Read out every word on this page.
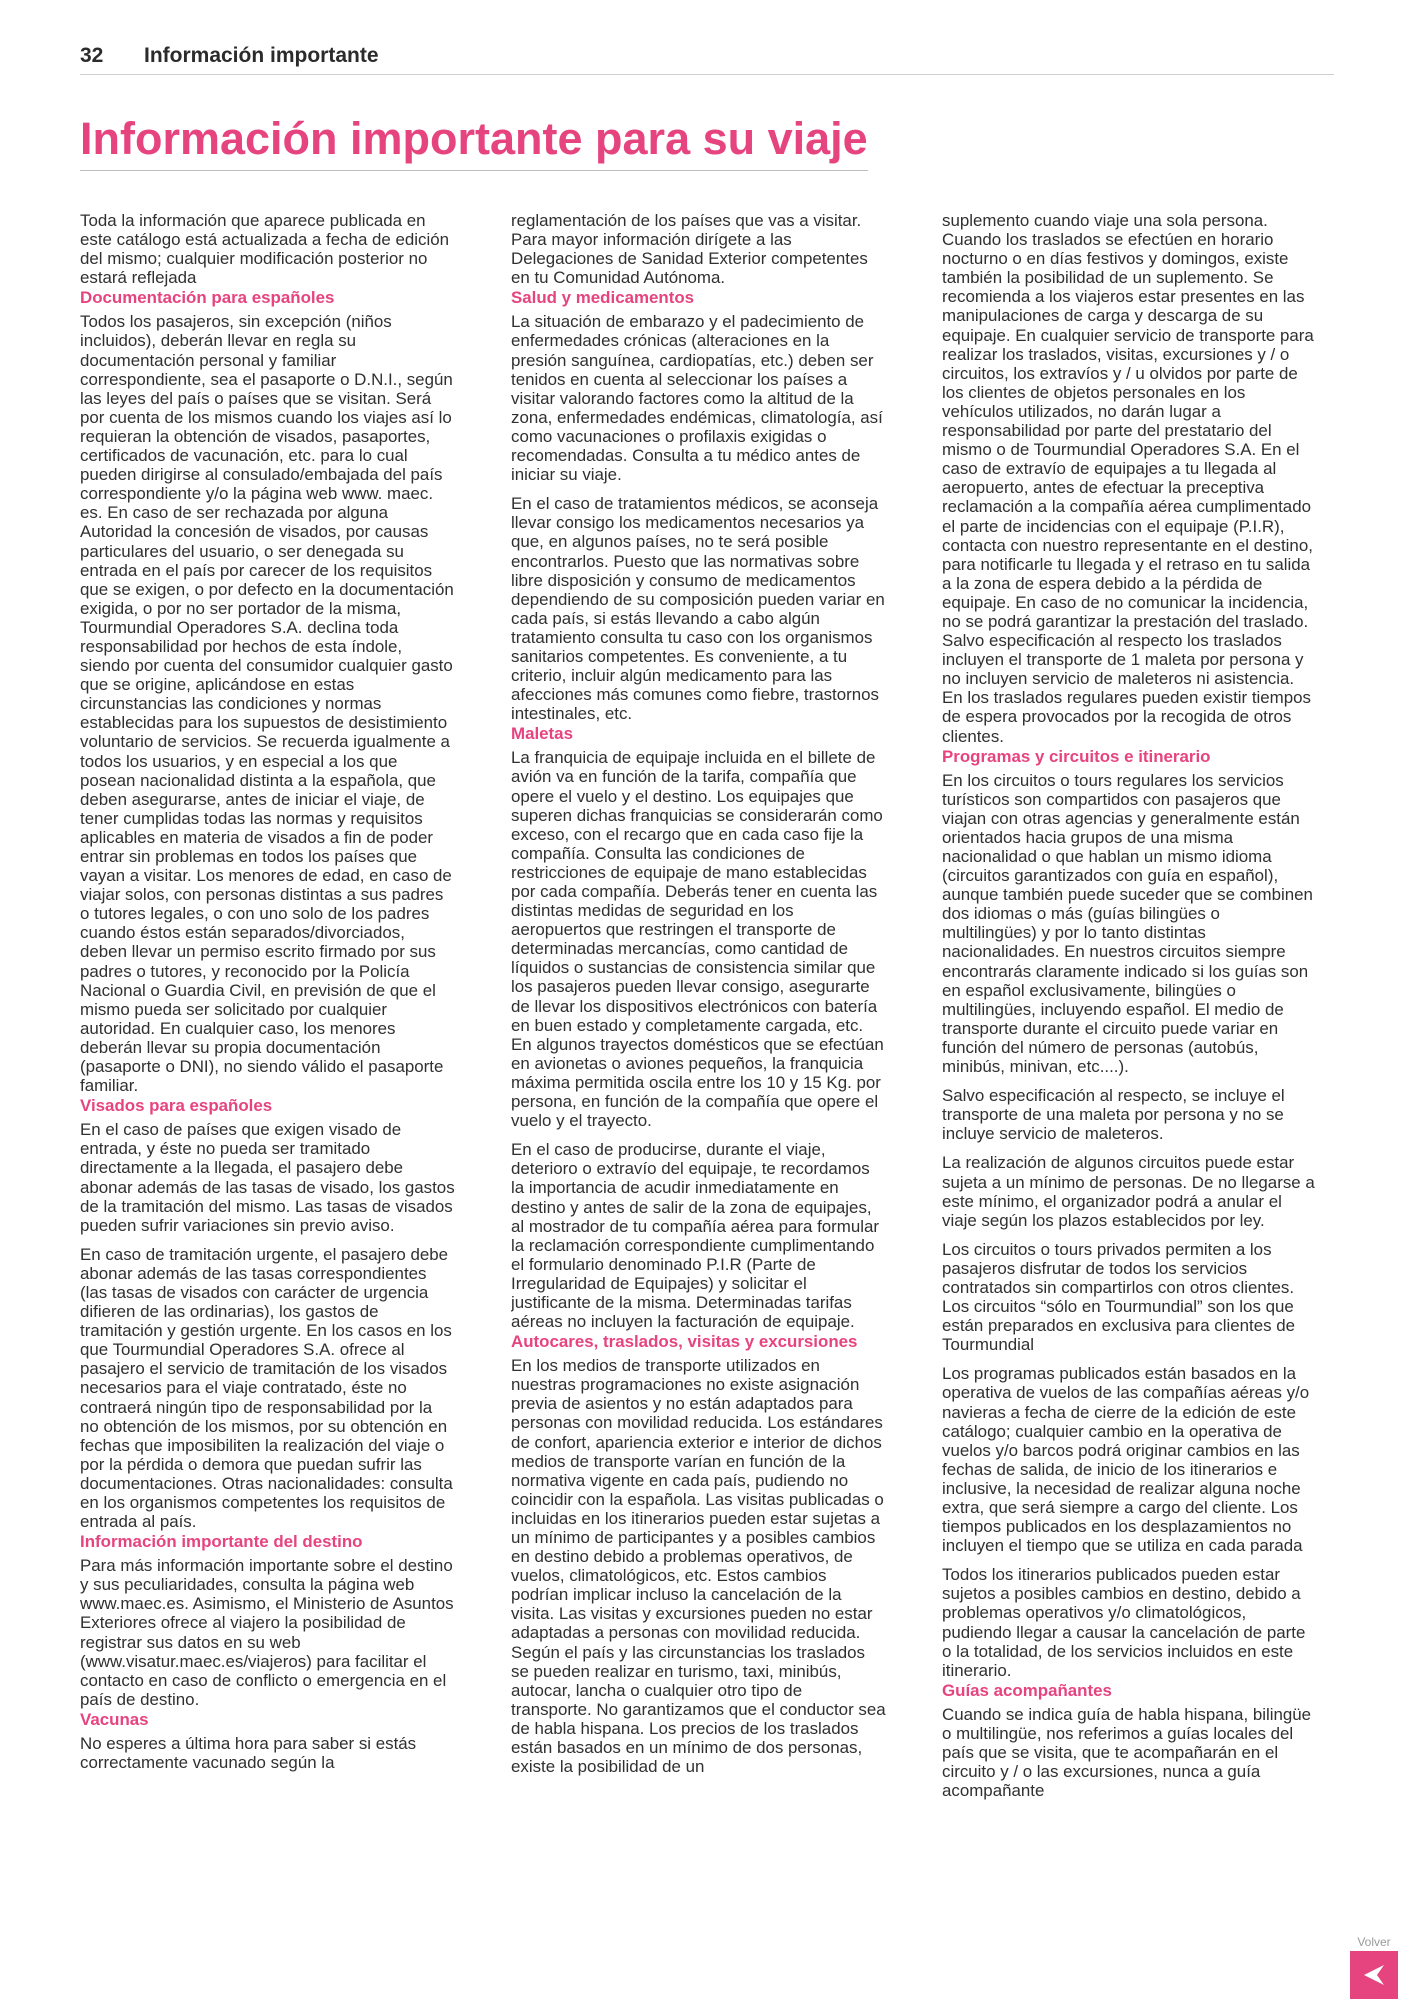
32 Información importante
Información importante para su viaje

Toda la información que aparece publicada en este catálogo está actualizada a fecha de edición del mismo; cualquier modificación posterior no estará reflejada

Documentación para españoles

Todos los pasajeros, sin excepción (niños incluidos), deberán llevar en regla su documentación personal y familiar correspondiente, sea el pasaporte o D.N.I., según las leyes del país o países que se visitan. Será por cuenta de los mismos cuando los viajes así lo requieran la obtención de visados, pasaportes, certificados de vacunación, etc. para lo cual pueden dirigirse al consulado/embajada del país correspondiente y/o la página web www. maec. es. En caso de ser rechazada por alguna Autoridad la concesión de visados, por causas particulares del usuario, o ser denegada su entrada en el país por carecer de los requisitos que se exigen, o por defecto en la documentación exigida, o por no ser portador de la misma, Tourmundial Operadores S.A. declina toda responsabilidad por hechos de esta índole, siendo por cuenta del consumidor cualquier gasto que se origine, aplicándose en estas circunstancias las condiciones y normas establecidas para los supuestos de desistimiento voluntario de servicios. Se recuerda igualmente a todos los usuarios, y en especial a los que posean nacionalidad distinta a la española, que deben asegurarse, antes de iniciar el viaje, de tener cumplidas todas las normas y requisitos aplicables en materia de visados a fin de poder entrar sin problemas en todos los países que vayan a visitar. Los menores de edad, en caso de viajar solos, con personas distintas a sus padres o tutores legales, o con uno solo de los padres cuando éstos están separados/divorciados, deben llevar un permiso escrito firmado por sus padres o tutores, y reconocido por la Policía Nacional o Guardia Civil, en previsión de que el mismo pueda ser solicitado por cualquier autoridad. En cualquier caso, los menores deberán llevar su propia documentación (pasaporte o DNI), no siendo válido el pasaporte familiar.

Visados para españoles

En el caso de países que exigen visado de entrada, y éste no pueda ser tramitado directamente a la llegada, el pasajero debe abonar además de las tasas de visado, los gastos de la tramitación del mismo. Las tasas de visados pueden sufrir variaciones sin previo aviso.

En caso de tramitación urgente, el pasajero debe abonar además de las tasas correspondientes (las tasas de visados con carácter de urgencia difieren de las ordinarias), los gastos de tramitación y gestión urgente. En los casos en los que Tourmundial Operadores S.A. ofrece al pasajero el servicio de tramitación de los visados necesarios para el viaje contratado, éste no contraerá ningún tipo de responsabilidad por la no obtención de los mismos, por su obtención en fechas que imposibiliten la realización del viaje o por la pérdida o demora que puedan sufrir las documentaciones. Otras nacionalidades: consulta en los organismos competentes los requisitos de entrada al país.

Información importante del destino

Para más información importante sobre el destino y sus peculiaridades, consulta la página web www.maec.es. Asimismo, el Ministerio de Asuntos Exteriores ofrece al viajero la posibilidad de registrar sus datos en su web (www.visatur.maec.es/viajeros) para facilitar el contacto en caso de conflicto o emergencia en el país de destino.

Vacunas

No esperes a última hora para saber si estás correctamente vacunado según la

reglamentación de los países que vas a visitar. Para mayor información dirígete a las Delegaciones de Sanidad Exterior competentes en tu Comunidad Autónoma.

Salud y medicamentos

La situación de embarazo y el padecimiento de enfermedades crónicas (alteraciones en la presión sanguínea, cardiopatías, etc.) deben ser tenidos en cuenta al seleccionar los países a visitar valorando factores como la altitud de la zona, enfermedades endémicas, climatología, así como vacunaciones o profilaxis exigidas o recomendadas. Consulta a tu médico antes de iniciar su viaje.

En el caso de tratamientos médicos, se aconseja llevar consigo los medicamentos necesarios ya que, en algunos países, no te será posible encontrarlos. Puesto que las normativas sobre libre disposición y consumo de medicamentos dependiendo de su composición pueden variar en cada país, si estás llevando a cabo algún tratamiento consulta tu caso con los organismos sanitarios competentes. Es conveniente, a tu criterio, incluir algún medicamento para las afecciones más comunes como fiebre, trastornos intestinales, etc.

Maletas

La franquicia de equipaje incluida en el billete de avión va en función de la tarifa, compañía que opere el vuelo y el destino. Los equipajes que superen dichas franquicias se considerarán como exceso, con el recargo que en cada caso fije la compañía. Consulta las condiciones de restricciones de equipaje de mano establecidas por cada compañía. Deberás tener en cuenta las distintas medidas de seguridad en los aeropuertos que restringen el transporte de determinadas mercancías, como cantidad de líquidos o sustancias de consistencia similar que los pasajeros pueden llevar consigo, asegurarte de llevar los dispositivos electrónicos con batería en buen estado y completamente cargada, etc. En algunos trayectos domésticos que se efectúan en avionetas o aviones pequeños, la franquicia máxima permitida oscila entre los 10 y 15 Kg. por persona, en función de la compañía que opere el vuelo y el trayecto.

En el caso de producirse, durante el viaje, deterioro o extravío del equipaje, te recordamos la importancia de acudir inmediatamente en destino y antes de salir de la zona de equipajes, al mostrador de tu compañía aérea para formular la reclamación correspondiente cumplimentando el formulario denominado P.I.R (Parte de Irregularidad de Equipajes) y solicitar el justificante de la misma. Determinadas tarifas aéreas no incluyen la facturación de equipaje.

Autocares, traslados, visitas y excursiones

En los medios de transporte utilizados en nuestras programaciones no existe asignación previa de asientos y no están adaptados para personas con movilidad reducida. Los estándares de confort, apariencia exterior e interior de dichos medios de transporte varían en función de la normativa vigente en cada país, pudiendo no coincidir con la española. Las visitas publicadas o incluidas en los itinerarios pueden estar sujetas a un mínimo de participantes y a posibles cambios en destino debido a problemas operativos, de vuelos, climatológicos, etc. Estos cambios podrían implicar incluso la cancelación de la visita. Las visitas y excursiones pueden no estar adaptadas a personas con movilidad reducida. Según el país y las circunstancias los traslados se pueden realizar en turismo, taxi, minibús, autocar, lancha o cualquier otro tipo de transporte. No garantizamos que el conductor sea de habla hispana. Los precios de los traslados están basados en un mínimo de dos personas, existe la posibilidad de un

suplemento cuando viaje una sola persona. Cuando los traslados se efectúen en horario nocturno o en días festivos y domingos, existe también la posibilidad de un suplemento. Se recomienda a los viajeros estar presentes en las manipulaciones de carga y descarga de su equipaje. En cualquier servicio de transporte para realizar los traslados, visitas, excursiones y / o circuitos, los extravíos y / u olvidos por parte de los clientes de objetos personales en los vehículos utilizados, no darán lugar a responsabilidad por parte del prestatario del mismo o de Tourmundial Operadores S.A. En el caso de extravío de equipajes a tu llegada al aeropuerto, antes de efectuar la preceptiva reclamación a la compañía aérea cumplimentado el parte de incidencias con el equipaje (P.I.R), contacta con nuestro representante en el destino, para notificarle tu llegada y el retraso en tu salida a la zona de espera debido a la pérdida de equipaje. En caso de no comunicar la incidencia, no se podrá garantizar la prestación del traslado. Salvo especificación al respecto los traslados incluyen el transporte de 1 maleta por persona y no incluyen servicio de maleteros ni asistencia. En los traslados regulares pueden existir tiempos de espera provocados por la recogida de otros clientes.

Programas y circuitos e itinerario

En los circuitos o tours regulares los servicios turísticos son compartidos con pasajeros que viajan con otras agencias y generalmente están orientados hacia grupos de una misma nacionalidad o que hablan un mismo idioma (circuitos garantizados con guía en español), aunque también puede suceder que se combinen dos idiomas o más (guías bilingües o multilingües) y por lo tanto distintas nacionalidades. En nuestros circuitos siempre encontrarás claramente indicado si los guías son en español exclusivamente, bilingües o multilingües, incluyendo español. El medio de transporte durante el circuito puede variar en función del número de personas (autobús, minibús, minivan, etc....).

Salvo especificación al respecto, se incluye el transporte de una maleta por persona y no se incluye servicio de maleteros.

La realización de algunos circuitos puede estar sujeta a un mínimo de personas. De no llegarse a este mínimo, el organizador podrá a anular el viaje según los plazos establecidos por ley.

Los circuitos o tours privados permiten a los pasajeros disfrutar de todos los servicios contratados sin compartirlos con otros clientes. Los circuitos “sólo en Tourmundial” son los que están preparados en exclusiva para clientes de Tourmundial

Los programas publicados están basados en la operativa de vuelos de las compañías aéreas y/o navieras a fecha de cierre de la edición de este catálogo; cualquier cambio en la operativa de vuelos y/o barcos podrá originar cambios en las fechas de salida, de inicio de los itinerarios e inclusive, la necesidad de realizar alguna noche extra, que será siempre a cargo del cliente. Los tiempos publicados en los desplazamientos no incluyen el tiempo que se utiliza en cada parada

Todos los itinerarios publicados pueden estar sujetos a posibles cambios en destino, debido a problemas operativos y/o climatológicos, pudiendo llegar a causar la cancelación de parte o la totalidad, de los servicios incluidos en este itinerario.

Guías acompañantes

Cuando se indica guía de habla hispana, bilingüe o multilingüe, nos referimos a guías locales del país que se visita, que te acompañarán en el circuito y / o las excursiones, nunca a guía acompañante

Volver
